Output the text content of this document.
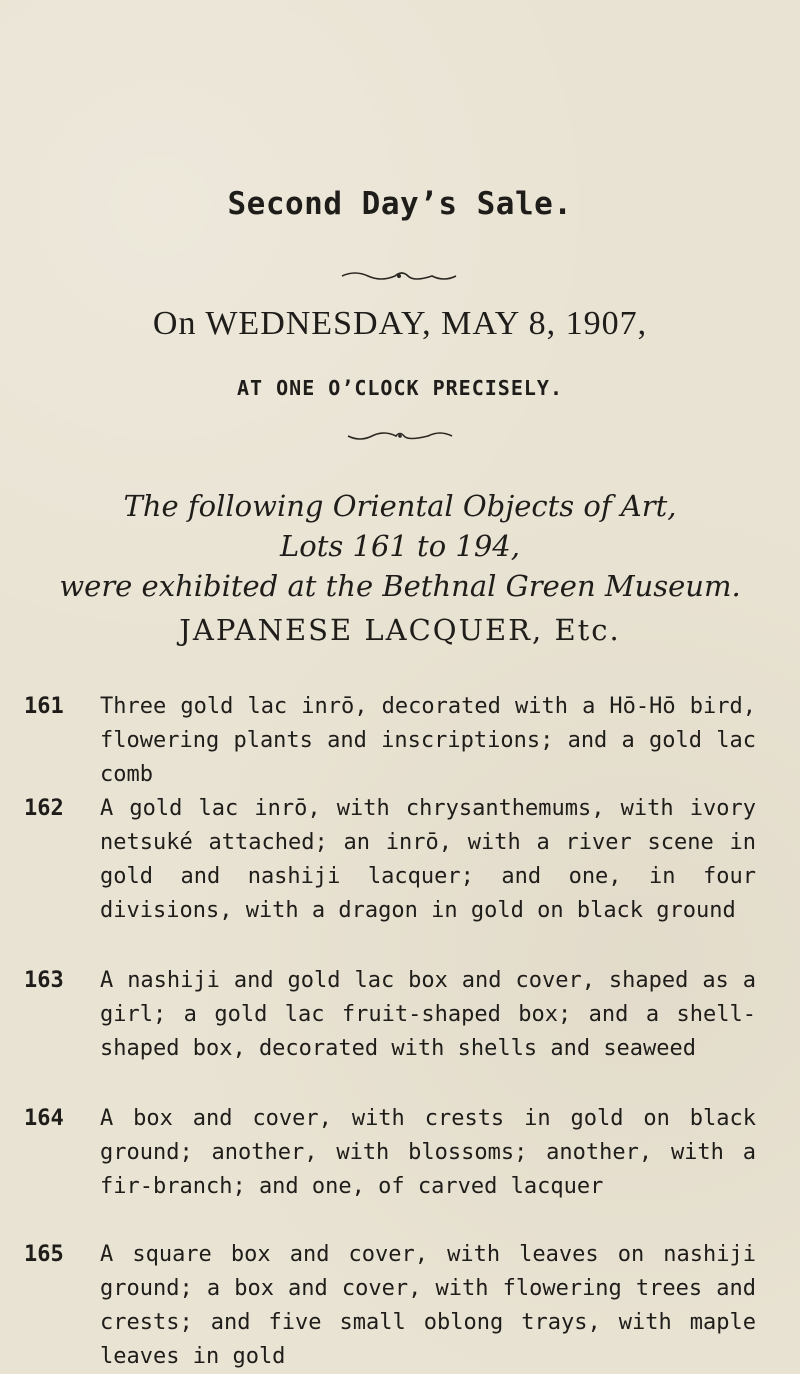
Second Day’s Sale.
On WEDNESDAY, MAY 8, 1907,
AT ONE O’CLOCK PRECISELY.
The following Oriental Objects of Art,
Lots 161 to 194,
were exhibited at the Bethnal Green Museum.
JAPANESE LACQUER, Etc.
161	Three gold lac inrō, decorated with a Hō-Hō bird, flowering plants and inscriptions; and a gold lac comb
162	A gold lac inrō, with chrysanthemums, with ivory netsuké attached; an inrō, with a river scene in gold and nashiji lacquer; and one, in four divisions, with a dragon in gold on black ground
163	A nashiji and gold lac box and cover, shaped as a girl; a gold lac fruit-shaped box; and a shell-shaped box, decorated with shells and seaweed
164	A box and cover, with crests in gold on black ground; another, with blossoms; another, with a fir-branch; and one, of carved lacquer
165	A square box and cover, with leaves on nashiji ground; a box and cover, with flowering trees and crests; and five small oblong trays, with maple leaves in gold
